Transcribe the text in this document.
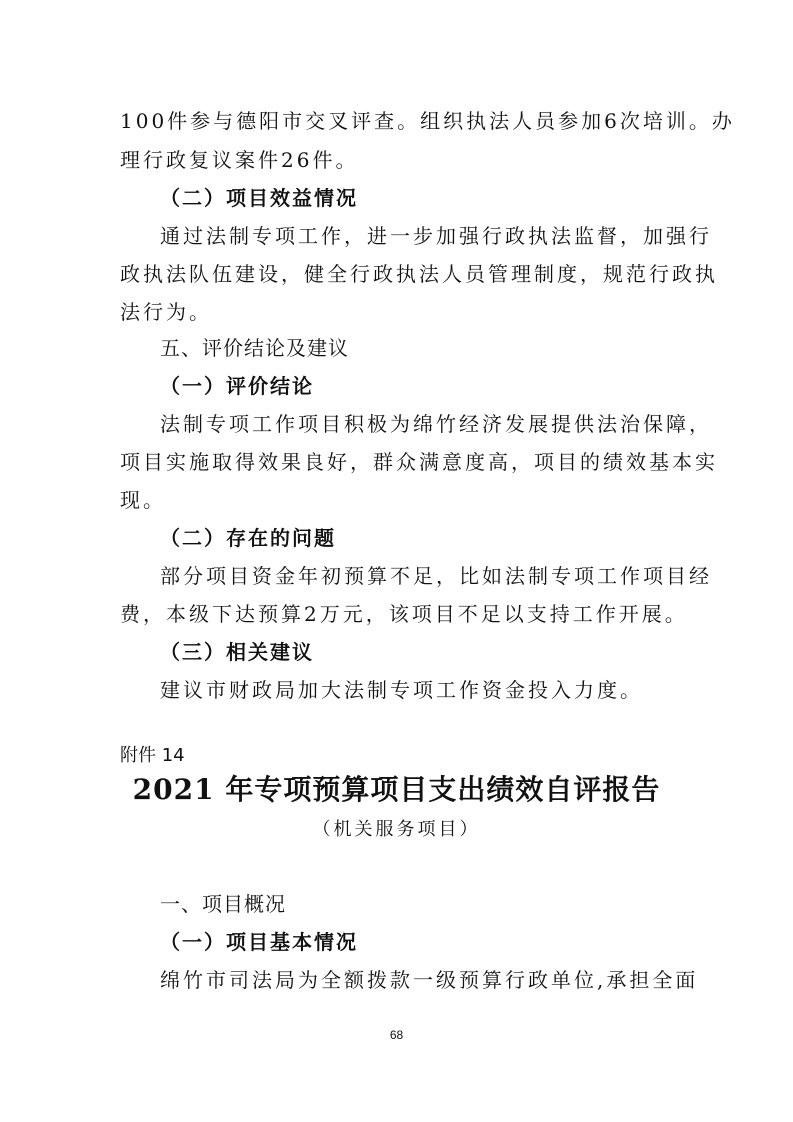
100件参与德阳市交叉评查。组织执法人员参加6次培训。办
理行政复议案件26件。
（二）项目效益情况
通过法制专项工作，进一步加强行政执法监督，加强行
政执法队伍建设，健全行政执法人员管理制度，规范行政执
法行为。
五、评价结论及建议
（一）评价结论
法制专项工作项目积极为绵竹经济发展提供法治保障，
项目实施取得效果良好，群众满意度高，项目的绩效基本实
现。
（二）存在的问题
部分项目资金年初预算不足，比如法制专项工作项目经
费，本级下达预算2万元，该项目不足以支持工作开展。
（三）相关建议
建议市财政局加大法制专项工作资金投入力度。
附件 14
2021 年专项预算项目支出绩效自评报告
（机关服务项目）
一、项目概况
（一）项目基本情况
绵竹市司法局为全额拨款一级预算行政单位,承担全面
68
